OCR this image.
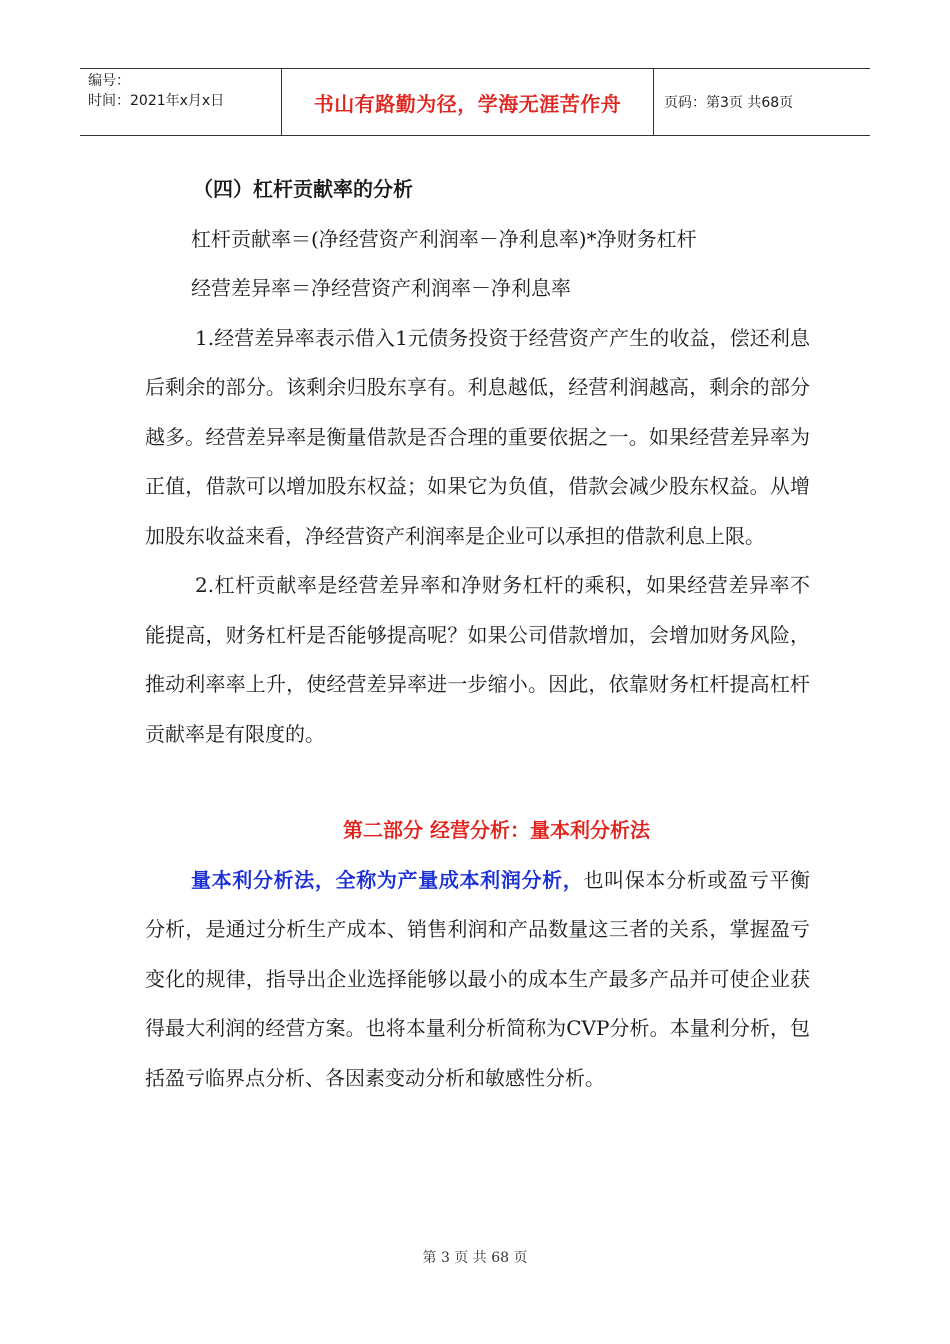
编号：
时间：2021年x月x日	书山有路勤为径，学海无涯苦作舟	页码：第3页 共68页

（四）杠杆贡献率的分析

杠杆贡献率＝(净经营资产利润率－净利息率)*净财务杠杆

经营差异率＝净经营资产利润率－净利息率

1.经营差异率表示借入1元债务投资于经营资产产生的收益，偿还利息后剩余的部分。该剩余归股东享有。利息越低，经营利润越高，剩余的部分越多。经营差异率是衡量借款是否合理的重要依据之一。如果经营差异率为正值，借款可以增加股东权益；如果它为负值，借款会减少股东权益。从增加股东收益来看，净经营资产利润率是企业可以承担的借款利息上限。

2.杠杆贡献率是经营差异率和净财务杠杆的乘积，如果经营差异率不能提高，财务杠杆是否能够提高呢？如果公司借款增加，会增加财务风险，推动利率率上升，使经营差异率进一步缩小。因此，依靠财务杠杆提高杠杆贡献率是有限度的。

第二部分 经营分析：量本利分析法

量本利分析法，全称为产量成本利润分析，也叫保本分析或盈亏平衡分析，是通过分析生产成本、销售利润和产品数量这三者的关系，掌握盈亏变化的规律，指导出企业选择能够以最小的成本生产最多产品并可使企业获得最大利润的经营方案。也将本量利分析简称为CVP分析。本量利分析，包括盈亏临界点分析、各因素变动分析和敏感性分析。

第 3 页 共 68 页
